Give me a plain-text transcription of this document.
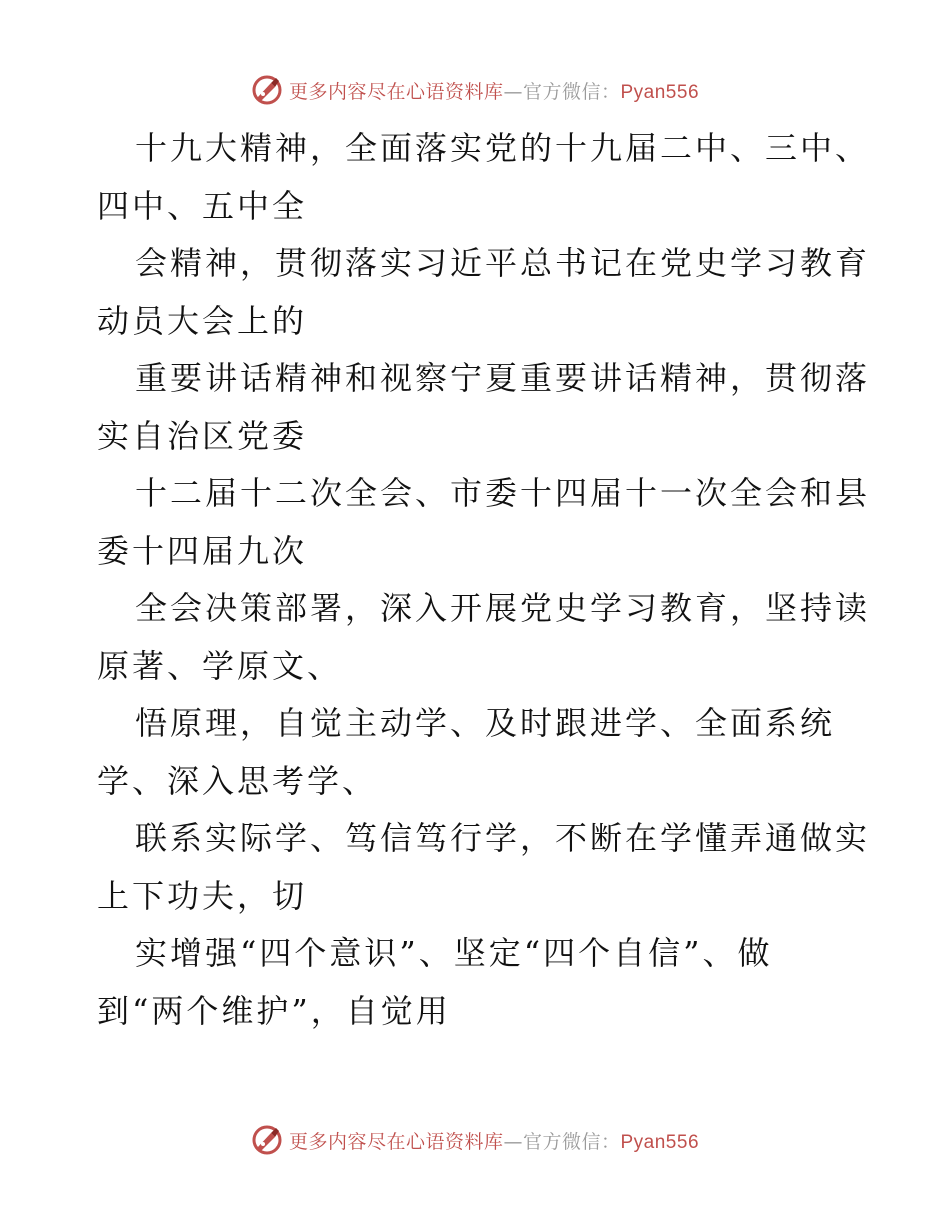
更多内容尽在心语资料库 — 官方微信： Pyan556
十九大精神，全面落实党的十九届二中、三中、
四中、五中全
会精神，贯彻落实习近平总书记在党史学习教育
动员大会上的
重要讲话精神和视察宁夏重要讲话精神，贯彻落
实自治区党委
十二届十二次全会、市委十四届十一次全会和县
委十四届九次
全会决策部署，深入开展党史学习教育，坚持读
原著、学原文、
悟原理，自觉主动学、及时跟进学、全面系统
学、深入思考学、
联系实际学、笃信笃行学，不断在学懂弄通做实
上下功夫，切
实增强“四个意识”、坚定“四个自信”、做
到“两个维护”，自觉用
更多内容尽在心语资料库 — 官方微信： Pyan556
